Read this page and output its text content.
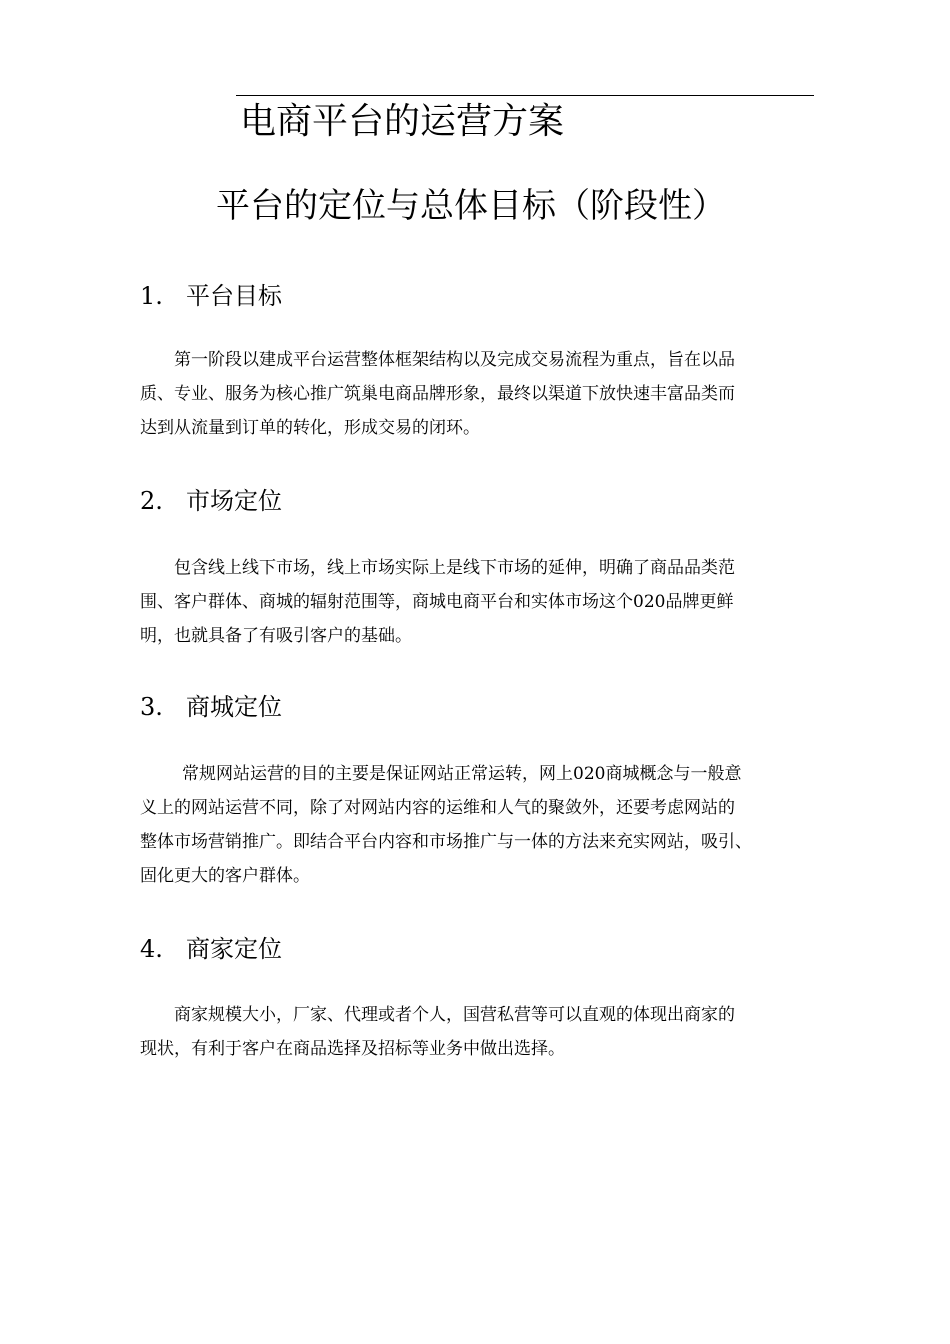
电商平台的运营方案
平台的定位与总体目标（阶段性）
1. 平台目标

第一阶段以建成平台运营整体框架结构以及完成交易流程为重点，旨在以品
质、专业、服务为核心推广筑巢电商品牌形象，最终以渠道下放快速丰富品类而
达到从流量到订单的转化，形成交易的闭环。

2. 市场定位

包含线上线下市场，线上市场实际上是线下市场的延伸，明确了商品品类范
围、客户群体、商城的辐射范围等，商城电商平台和实体市场这个020品牌更鲜
明，也就具备了有吸引客户的基础。

3. 商城定位

常规网站运营的目的主要是保证网站正常运转，网上020商城概念与一般意
义上的网站运营不同，除了对网站内容的运维和人气的聚敛外，还要考虑网站的
整体市场营销推广。即结合平台内容和市场推广与一体的方法来充实网站，吸引、
固化更大的客户群体。

4. 商家定位

商家规模大小，厂家、代理或者个人，国营私营等可以直观的体现出商家的
现状，有利于客户在商品选择及招标等业务中做出选择。
